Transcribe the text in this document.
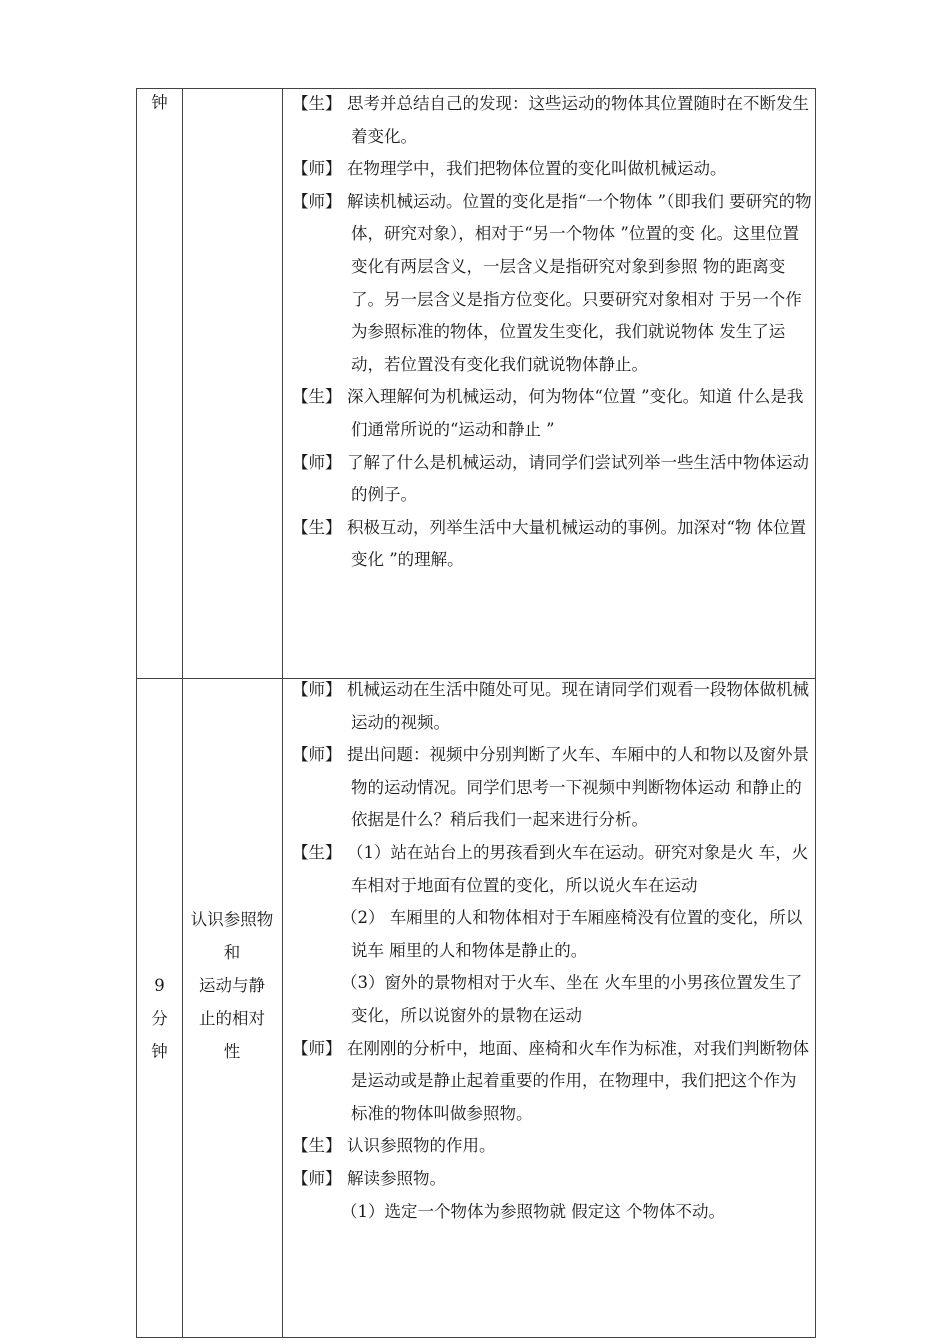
钟	【生】 思考并总结自己的发现：这些运动的物体其位置随时在不断发生着变化。

【师】 在物理学中，我们把物体位置的变化叫做机械运动。

【师】 解读机械运动。位置的变化是指“一个物体 ”（即我们 要研究的物体，研究对象），相对于“另一个物体 ”位置的变 化。这里位置变化有两层含义，一层含义是指研究对象到参照 物的距离变了。另一层含义是指方位变化。只要研究对象相对 于另一个作为参照标准的物体，位置发生变化，我们就说物体 发生了运动，若位置没有变化我们就说物体静止。

【生】 深入理解何为机械运动，何为物体“位置 ”变化。知道 什么是我们通常所说的“运动和静止 ”

【师】 了解了什么是机械运动，请同学们尝试列举一些生活中物体运动的例子。

【生】 积极互动，列举生活中大量机械运动的事例。加深对“物 体位置变化 ”的理解。

9
分
钟
认识参照物
和
运动与静
止的相对
性

【师】 机械运动在生活中随处可见。现在请同学们观看一段物体做机械运动的视频。

【师】 提出问题：视频中分别判断了火车、车厢中的人和物以及窗外景物的运动情况。同学们思考一下视频中判断物体运动 和静止的依据是什么？稍后我们一起来进行分析。

【生】 （1）站在站台上的男孩看到火车在运动。研究对象是火 车，火车相对于地面有位置的变化，所以说火车在运动

（2） 车厢里的人和物体相对于车厢座椅没有位置的变化，所以说车 厢里的人和物体是静止的。

（3）窗外的景物相对于火车、坐在 火车里的小男孩位置发生了变化，所以说窗外的景物在运动

【师】 在刚刚的分析中，地面、座椅和火车作为标准，对我们判断物体是运动或是静止起着重要的作用，在物理中，我们把这个作为标准的物体叫做参照物。

【生】 认识参照物的作用。

【师】 解读参照物。

（1）选定一个物体为参照物就 假定这 个物体不动。
